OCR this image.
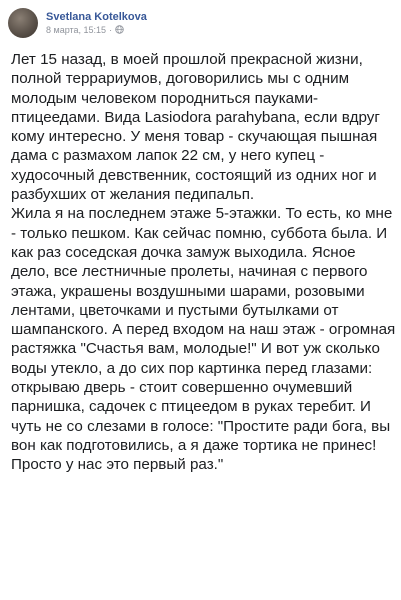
Svetlana Kotelkova
8 марта, 15:15 ·

Лет 15 назад, в моей прошлой прекрасной жизни, полной террариумов, договорились мы с одним молодым человеком породниться пауками-птицеедами. Вида Lasiodora parahybana, если вдруг кому интересно. У меня товар - скучающая пышная дама с размахом лапок 22 см, у него купец - худосочный девственник, состоящий из одних ног и разбухших от желания педипальп.

Жила я на последнем этаже 5-этажки. То есть, ко мне - только пешком. Как сейчас помню, суббота была. И как раз соседская дочка замуж выходила. Ясное дело, все лестничные пролеты, начиная с первого этажа, украшены воздушными шарами, розовыми лентами, цветочками и пустыми бутылками от шампанского. А перед входом на наш этаж - огромная растяжка "Счастья вам, молодые!" И вот уж сколько воды утекло, а до сих пор картинка перед глазами: открываю дверь - стоит совершенно очумевший парнишка, садочек с птицеедом в руках теребит. И чуть не со слезами в голосе: "Простите ради бога, вы вон как подготовились, а я даже тортика не принес! Просто у нас это первый раз."
